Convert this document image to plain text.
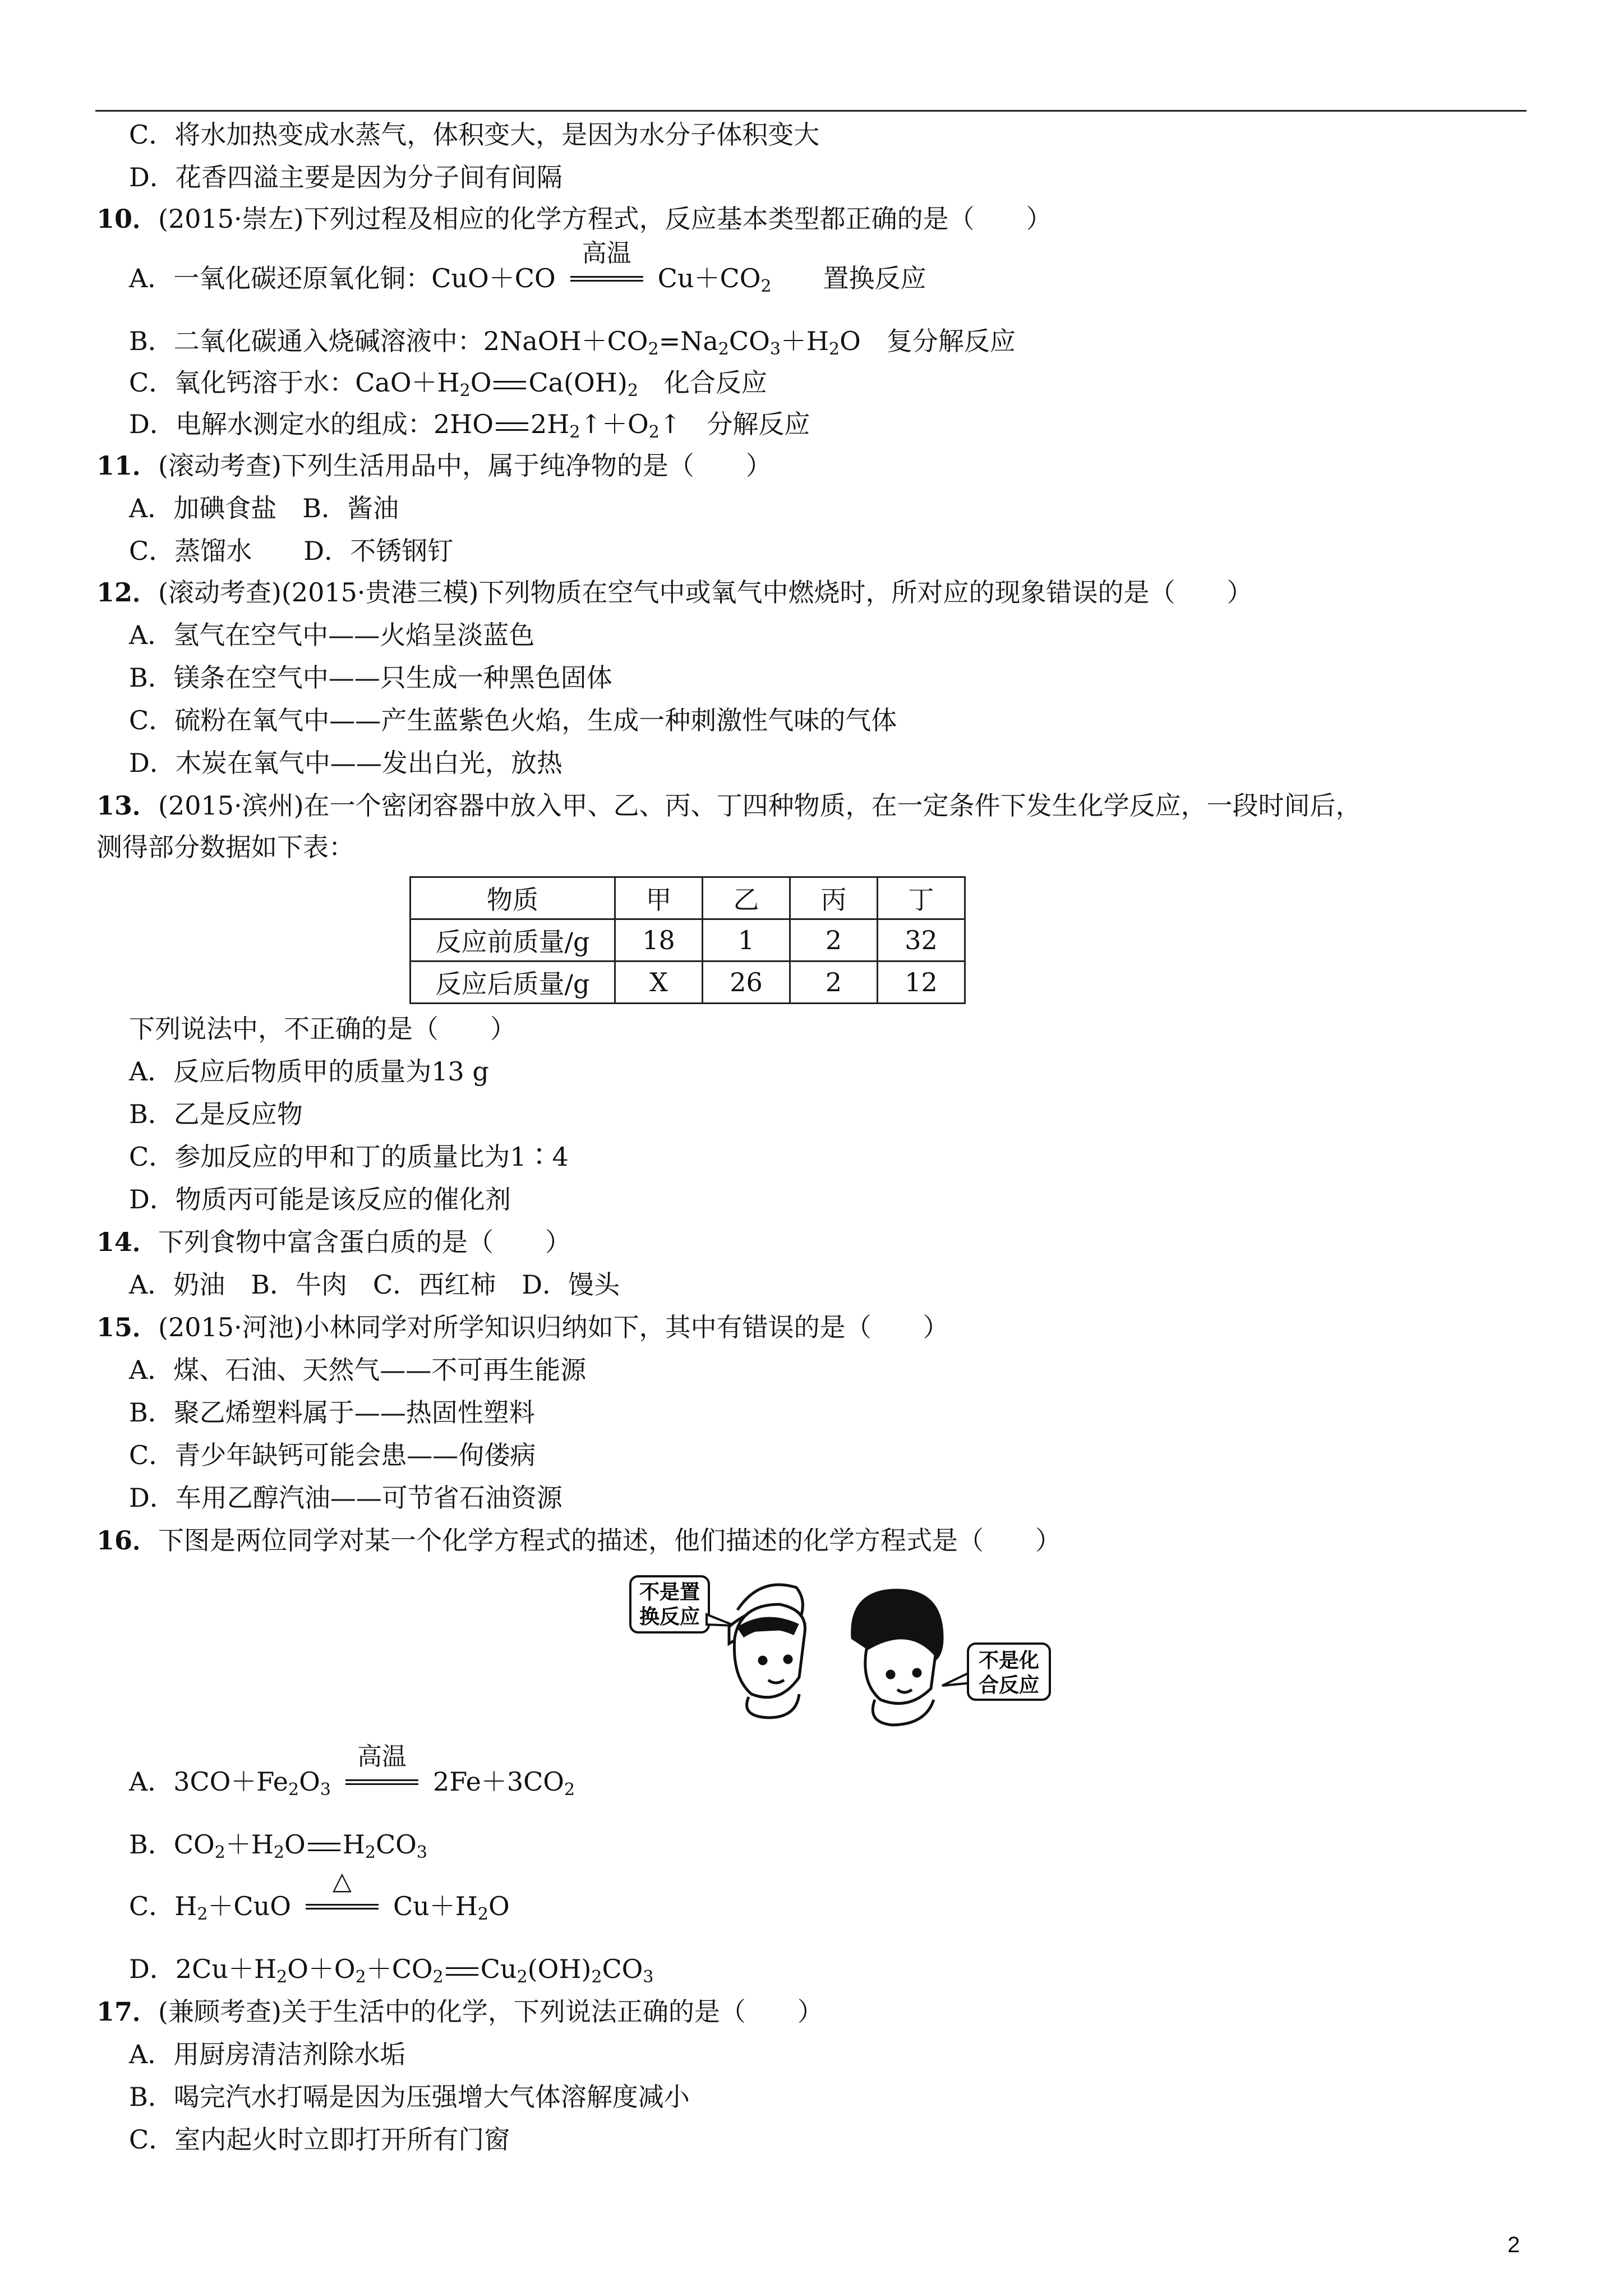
C．将水加热变成水蒸气，体积变大，是因为水分子体积变大
D．花香四溢主要是因为分子间有间隔
10．(2015·崇左)下列过程及相应的化学方程式，反应基本类型都正确的是（　　）
A．一氧化碳还原氧化铜：CuO＋CO
高温
$Cu+CO_2$　　 置换反应
B．二氧化碳通入烧碱溶液中：$2NaOH+CO_2=Na_2CO_3+H_2O$　复分解反应
C．氧化钙溶于水：$CaO+H_2O$ $Ca(OH)_2$　 化合反应
D．电解水测定水的组成：2HO $2H_2↑+O_2↑$　分解反应
11．(滚动考查)下列生活用品中，属于纯净物的是（　　）
A．加碘食盐　B．酱油
C．蒸馏水　　D．不锈钢钉
12．(滚动考查)(2015·贵港三模)下列物质在空气中或氧气中燃烧时，所对应的现象错误的是（　　）
A．氢气在空气中——火焰呈淡蓝色
B．镁条在空气中——只生成一种黑色固体
C．硫粉在氧气中——产生蓝紫色火焰，生成一种刺激性气味的气体
D．木炭在氧气中——发出白光，放热
13．(2015·滨州)在一个密闭容器中放入甲、乙、丙、丁四种物质，在一定条件下发生化学反应，一段时间后，
测得部分数据如下表：
下列说法中，不正确的是（　　）
A．反应后物质甲的质量为13 g
B．乙是反应物
C．参加反应的甲和丁的质量比为1∶4
D．物质丙可能是该反应的催化剂
14．下列食物中富含蛋白质的是（　　）
A．奶油　B．牛肉　C．西红柿　D．馒头
15．(2015·河池)小林同学对所学知识归纳如下，其中有错误的是（　　）
A．煤、石油、天然气——不可再生能源
B．聚乙烯塑料属于——热固性塑料
C．青少年缺钙可能会患——佝偻病
D．车用乙醇汽油——可节省石油资源
16．下图是两位同学对某一个化学方程式的描述，他们描述的化学方程式是（　　）
A．$3CO+Fe_2O_3$
高温
$2Fe+3CO_2$
B．$CO_2+H_2O$ $H_2CO_3$
C．$H_2+CuO$
△
$Cu+H_2O$
D．$2Cu+H_2O+O_2+CO_2$ $Cu_2(OH)_2CO_3$
17．(兼顾考查)关于生活中的化学，下列说法正确的是（　　）
A．用厨房清洁剂除水垢
B．喝完汽水打嗝是因为压强增大气体溶解度减小
C．室内起火时立即打开所有门窗
物质	甲	乙	丙	丁
反应前质量/g	18	1	2	32
反应后质量/g	X	26	2	12
不是置
换反应
不是化
合反应
2
